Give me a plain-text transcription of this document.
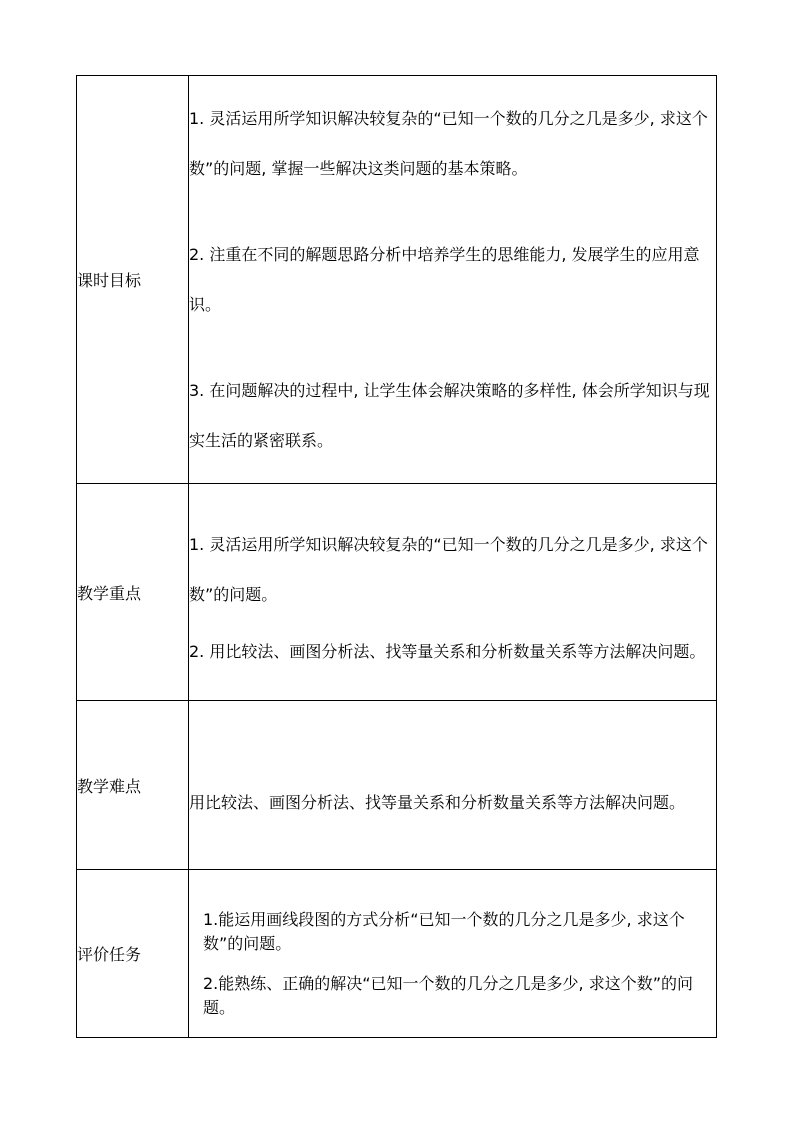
课时目标	1. 灵活运用所学知识解决较复杂的“已知一个数的几分之几是多少, 求这个数”的问题, 掌握一些解决这类问题的基本策略。
2. 注重在不同的解题思路分析中培养学生的思维能力, 发展学生的应用意识。
3. 在问题解决的过程中, 让学生体会解决策略的多样性, 体会所学知识与现实生活的紧密联系。

教学重点	1. 灵活运用所学知识解决较复杂的“已知一个数的几分之几是多少, 求这个数”的问题。
2. 用比较法、画图分析法、找等量关系和分析数量关系等方法解决问题。

教学难点	用比较法、画图分析法、找等量关系和分析数量关系等方法解决问题。

评价任务	1.能运用画线段图的方式分析“已知一个数的几分之几是多少, 求这个数”的问题。
2.能熟练、正确的解决“已知一个数的几分之几是多少, 求这个数”的问题。
